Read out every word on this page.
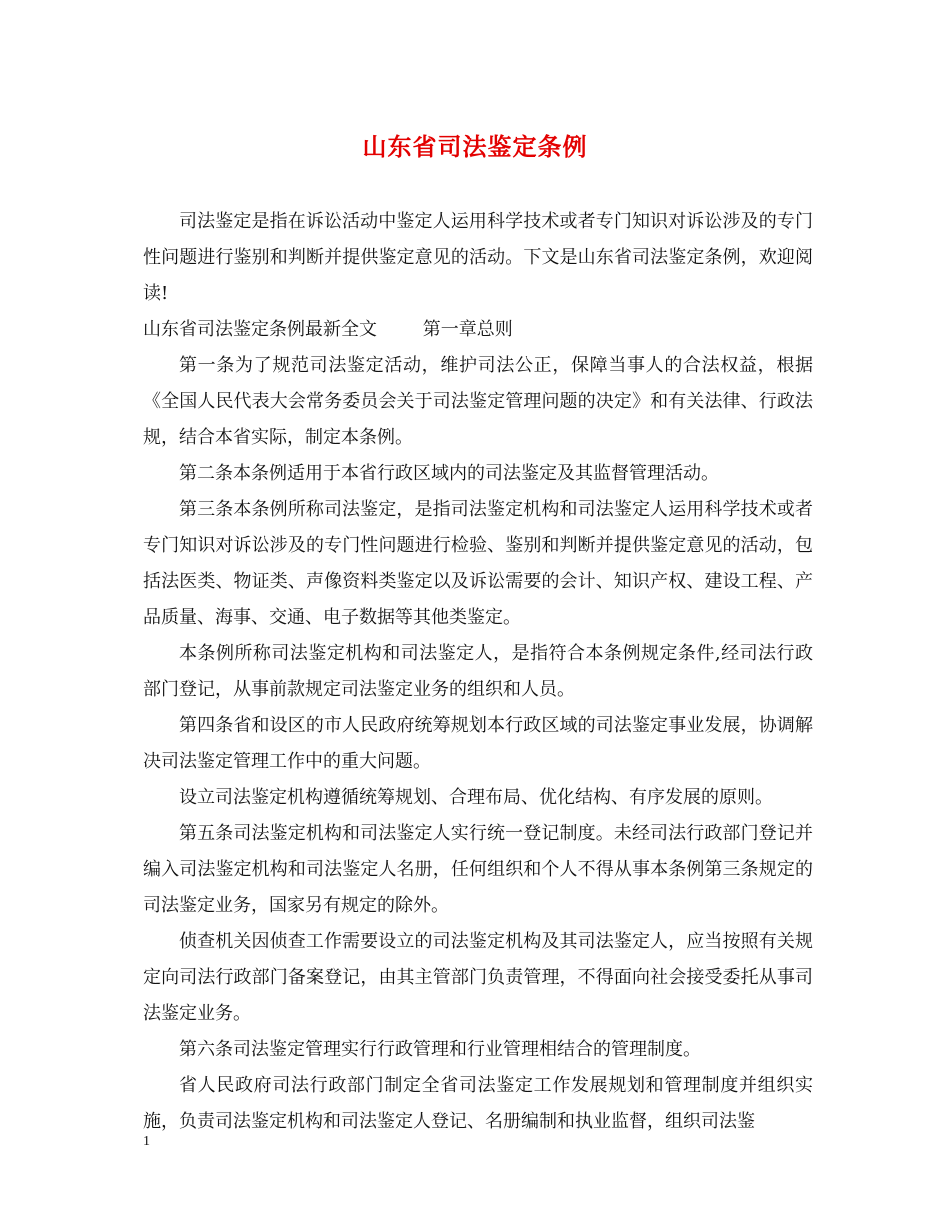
山东省司法鉴定条例

司法鉴定是指在诉讼活动中鉴定人运用科学技术或者专门知识对诉讼涉及的专门性问题进行鉴别和判断并提供鉴定意见的活动。下文是山东省司法鉴定条例，欢迎阅读!

山东省司法鉴定条例最新全文        第一章总则

第一条为了规范司法鉴定活动，维护司法公正，保障当事人的合法权益，根据《全国人民代表大会常务委员会关于司法鉴定管理问题的决定》和有关法律、行政法规，结合本省实际，制定本条例。

第二条本条例适用于本省行政区域内的司法鉴定及其监督管理活动。

第三条本条例所称司法鉴定，是指司法鉴定机构和司法鉴定人运用科学技术或者专门知识对诉讼涉及的专门性问题进行检验、鉴别和判断并提供鉴定意见的活动，包括法医类、物证类、声像资料类鉴定以及诉讼需要的会计、知识产权、建设工程、产品质量、海事、交通、电子数据等其他类鉴定。

本条例所称司法鉴定机构和司法鉴定人，是指符合本条例规定条件,经司法行政部门登记，从事前款规定司法鉴定业务的组织和人员。

第四条省和设区的市人民政府统筹规划本行政区域的司法鉴定事业发展，协调解决司法鉴定管理工作中的重大问题。

设立司法鉴定机构遵循统筹规划、合理布局、优化结构、有序发展的原则。

第五条司法鉴定机构和司法鉴定人实行统一登记制度。未经司法行政部门登记并编入司法鉴定机构和司法鉴定人名册，任何组织和个人不得从事本条例第三条规定的司法鉴定业务，国家另有规定的除外。

侦查机关因侦查工作需要设立的司法鉴定机构及其司法鉴定人，应当按照有关规定向司法行政部门备案登记，由其主管部门负责管理，不得面向社会接受委托从事司法鉴定业务。

第六条司法鉴定管理实行行政管理和行业管理相结合的管理制度。

省人民政府司法行政部门制定全省司法鉴定工作发展规划和管理制度并组织实施，负责司法鉴定机构和司法鉴定人登记、名册编制和执业监督，组织司法鉴

1
